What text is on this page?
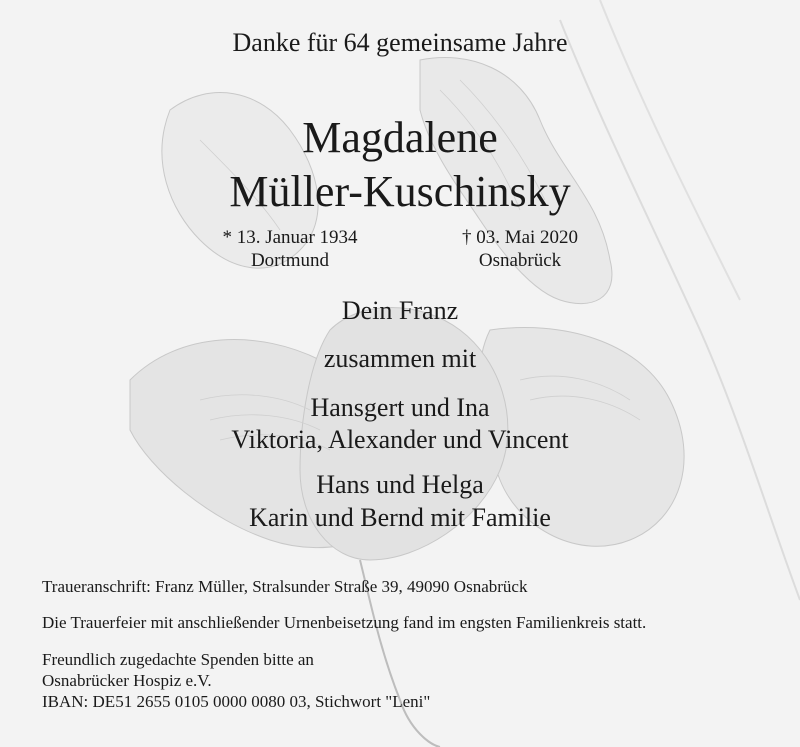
Danke für 64 gemeinsame Jahre
Magdalene
Müller-Kuschinsky
* 13. Januar 1934
Dortmund
† 03. Mai 2020
Osnabrück
Dein Franz
zusammen mit
Hansgert und Ina
Viktoria, Alexander und Vincent
Hans und Helga
Karin und Bernd mit Familie
Traueranschrift: Franz Müller, Stralsunder Straße 39, 49090 Osnabrück
Die Trauerfeier mit anschließender Urnenbeisetzung fand im engsten Familienkreis statt.
Freundlich zugedachte Spenden bitte an
Osnabrücker Hospiz e.V.
IBAN: DE51 2655 0105 0000 0080 03, Stichwort "Leni"
